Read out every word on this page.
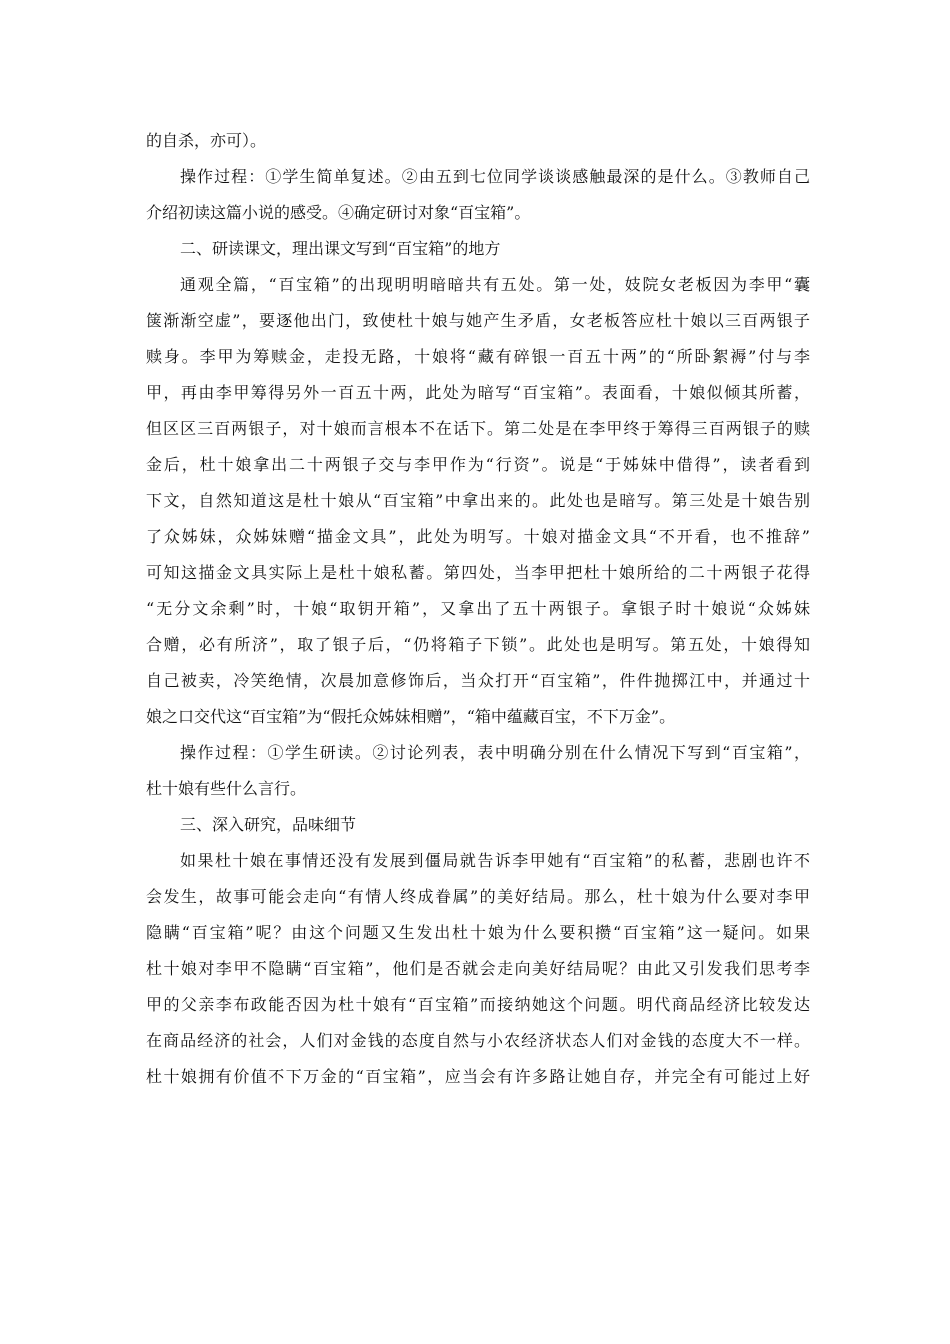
的自杀，亦可）。
操作过程：①学生简单复述。②由五到七位同学谈谈感触最深的是什么。③教师自己
介绍初读这篇小说的感受。④确定研讨对象“百宝箱”。
二、研读课文，理出课文写到“百宝箱”的地方
通观全篇，“百宝箱”的出现明明暗暗共有五处。第一处，妓院女老板因为李甲“囊
箧渐渐空虚”，要逐他出门，致使杜十娘与她产生矛盾，女老板答应杜十娘以三百两银子
赎身。李甲为筹赎金，走投无路，十娘将“藏有碎银一百五十两”的“所卧絮褥”付与李
甲，再由李甲筹得另外一百五十两，此处为暗写“百宝箱”。表面看，十娘似倾其所蓄，
但区区三百两银子，对十娘而言根本不在话下。第二处是在李甲终于筹得三百两银子的赎
金后，杜十娘拿出二十两银子交与李甲作为“行资”。说是“于姊妹中借得”，读者看到
下文，自然知道这是杜十娘从“百宝箱”中拿出来的。此处也是暗写。第三处是十娘告别
了众姊妹，众姊妹赠“描金文具”，此处为明写。十娘对描金文具“不开看，也不推辞”
可知这描金文具实际上是杜十娘私蓄。第四处，当李甲把杜十娘所给的二十两银子花得
“无分文余剩”时，十娘“取钥开箱”，又拿出了五十两银子。拿银子时十娘说“众姊妹
合赠，必有所济”，取了银子后，“仍将箱子下锁”。此处也是明写。第五处，十娘得知
自己被卖，冷笑绝情，次晨加意修饰后，当众打开“百宝箱”，件件抛掷江中，并通过十
娘之口交代这“百宝箱”为“假托众姊妹相赠”，“箱中蕴藏百宝，不下万金”。
操作过程：①学生研读。②讨论列表，表中明确分别在什么情况下写到“百宝箱”，
杜十娘有些什么言行。
三、深入研究，品味细节
如果杜十娘在事情还没有发展到僵局就告诉李甲她有“百宝箱”的私蓄，悲剧也许不
会发生，故事可能会走向“有情人终成眷属”的美好结局。那么，杜十娘为什么要对李甲
隐瞒“百宝箱”呢？由这个问题又生发出杜十娘为什么要积攒“百宝箱”这一疑问。如果
杜十娘对李甲不隐瞒“百宝箱”，他们是否就会走向美好结局呢？由此又引发我们思考李
甲的父亲李布政能否因为杜十娘有“百宝箱”而接纳她这个问题。明代商品经济比较发达
在商品经济的社会，人们对金钱的态度自然与小农经济状态人们对金钱的态度大不一样。
杜十娘拥有价值不下万金的“百宝箱”，应当会有许多路让她自存，并完全有可能过上好
